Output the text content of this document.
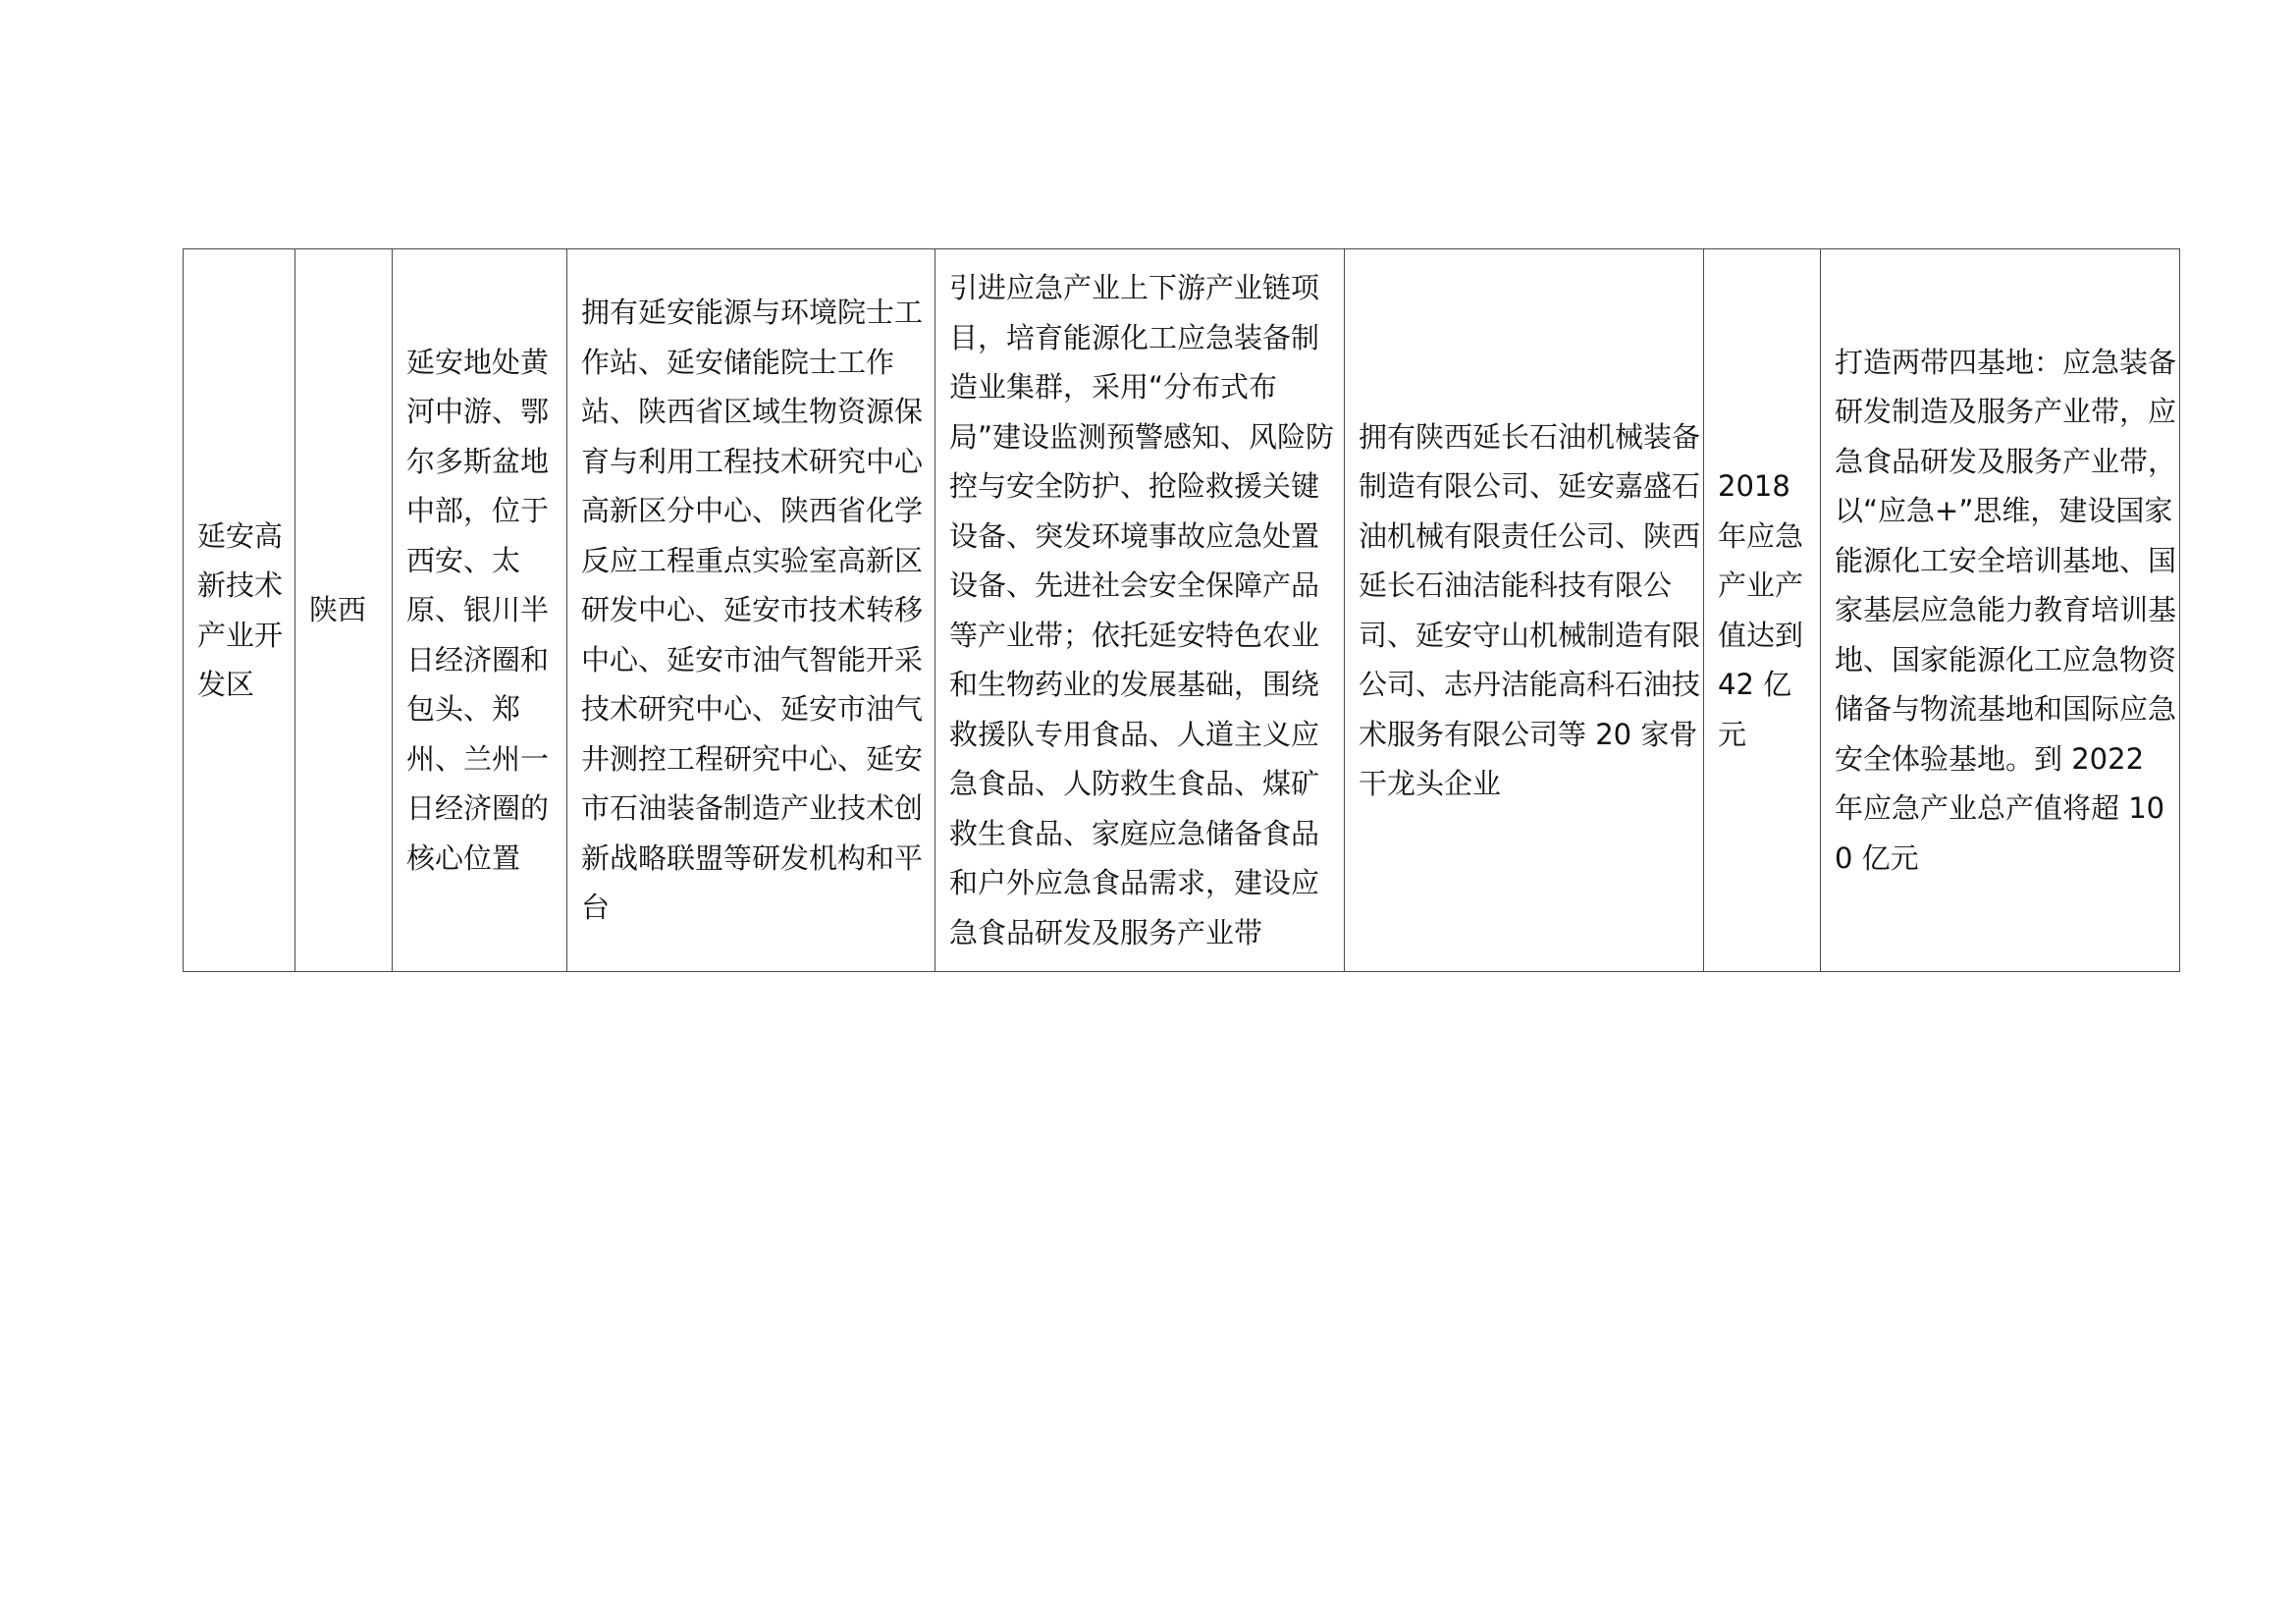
延安高新技术产业开发区	陕西	延安地处黄河中游、鄂尔多斯盆地中部，位于西安、太原、银川半日经济圈和包头、郑州、兰州一日经济圈的核心位置	拥有延安能源与环境院士工作站、延安储能院士工作站、陕西省区域生物资源保育与利用工程技术研究中心高新区分中心、陕西省化学反应工程重点实验室高新区研发中心、延安市技术转移中心、延安市油气智能开采技术研究中心、延安市油气井测控工程研究中心、延安市石油装备制造产业技术创新战略联盟等研发机构和平台	引进应急产业上下游产业链项目，培育能源化工应急装备制造业集群，采用“分布式布局”建设监测预警感知、风险防控与安全防护、抢险救援关键设备、突发环境事故应急处置设备、先进社会安全保障产品等产业带；依托延安特色农业和生物药业的发展基础，围绕救援队专用食品、人道主义应急食品、人防救生食品、煤矿救生食品、家庭应急储备食品和户外应急食品需求，建设应急食品研发及服务产业带	拥有陕西延长石油机械装备制造有限公司、延安嘉盛石油机械有限责任公司、陕西延长石油洁能科技有限公司、延安守山机械制造有限公司、志丹洁能高科石油技术服务有限公司等 20 家骨干龙头企业	2018 年应急产业产值达到 42 亿元	打造两带四基地：应急装备研发制造及服务产业带，应急食品研发及服务产业带，以“应急+”思维，建设国家能源化工安全培训基地、国家基层应急能力教育培训基地、国家能源化工应急物资储备与物流基地和国际应急安全体验基地。到 2022 年应急产业总产值将超 100 亿元
